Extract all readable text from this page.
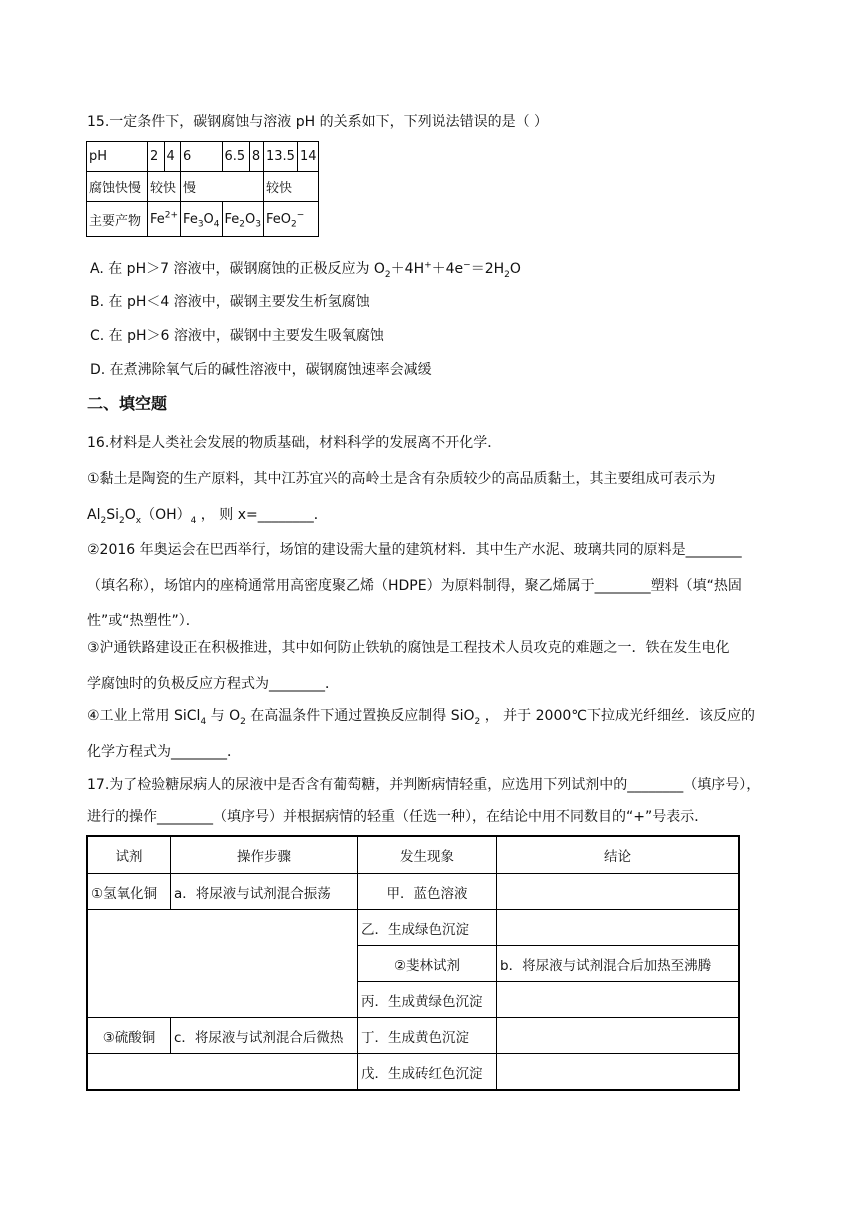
15.一定条件下，碳钢腐蚀与溶液 pH 的关系如下，下列说法错误的是（ ）
pH	2	4	6	6.5	8	13.5	14
腐蚀快慢	较快		慢			较快	
主要产物	$Fe^{2+}$		$Fe_3O_4$	$Fe_2O_3$		FeO$_2$−
A. 在 pH＞7 溶液中，碳钢腐蚀的正极反应为 $O_2+4H^++4e^-=2H_2O$
B. 在 pH＜4 溶液中，碳钢主要发生析氢腐蚀
C. 在 pH＞6 溶液中，碳钢中主要发生吸氧腐蚀
D. 在煮沸除氧气后的碱性溶液中，碳钢腐蚀速率会减缓
二、填空题
16.材料是人类社会发展的物质基础，材料科学的发展离不开化学．
①黏土是陶瓷的生产原料，其中江苏宜兴的高岭土是含有杂质较少的高品质黏土，其主要组成可表示为
$Al_2Si_2O_x(OH)_4$ ， 则 x=________．
②2016 年奥运会在巴西举行，场馆的建设需大量的建筑材料．其中生产水泥、玻璃共同的原料是________
（填名称），场馆内的座椅通常用高密度聚乙烯（HDPE）为原料制得，聚乙烯属于________塑料（填“热固
性”或“热塑性”）．
③沪通铁路建设正在积极推进，其中如何防止铁轨的腐蚀是工程技术人员攻克的难题之一．铁在发生电化
学腐蚀时的负极反应方程式为________．
④工业上常用 SiCl$_4$ 与 $O_2$ 在高温条件下通过置换反应制得 SiO$_2$ ， 并于 2000℃下拉成光纤细丝．该反应的
化学方程式为________．
17.为了检验糖尿病人的尿液中是否含有葡萄糖，并判断病情轻重，应选用下列试剂中的________（填序号），
进行的操作________（填序号）并根据病情的轻重（任选一种），在结论中用不同数目的“+”号表示．
试剂	操作步骤	发生现象	结论
①氢氧化铜	a．将尿液与试剂混合振荡	甲．蓝色溶液	
		乙．生成绿色沉淀	
		②斐林试剂	b．将尿液与试剂混合后加热至沸腾
		丙．生成黄绿色沉淀	
③硫酸铜	c．将尿液与试剂混合后微热	丁．生成黄色沉淀	
		戊．生成砖红色沉淀	
